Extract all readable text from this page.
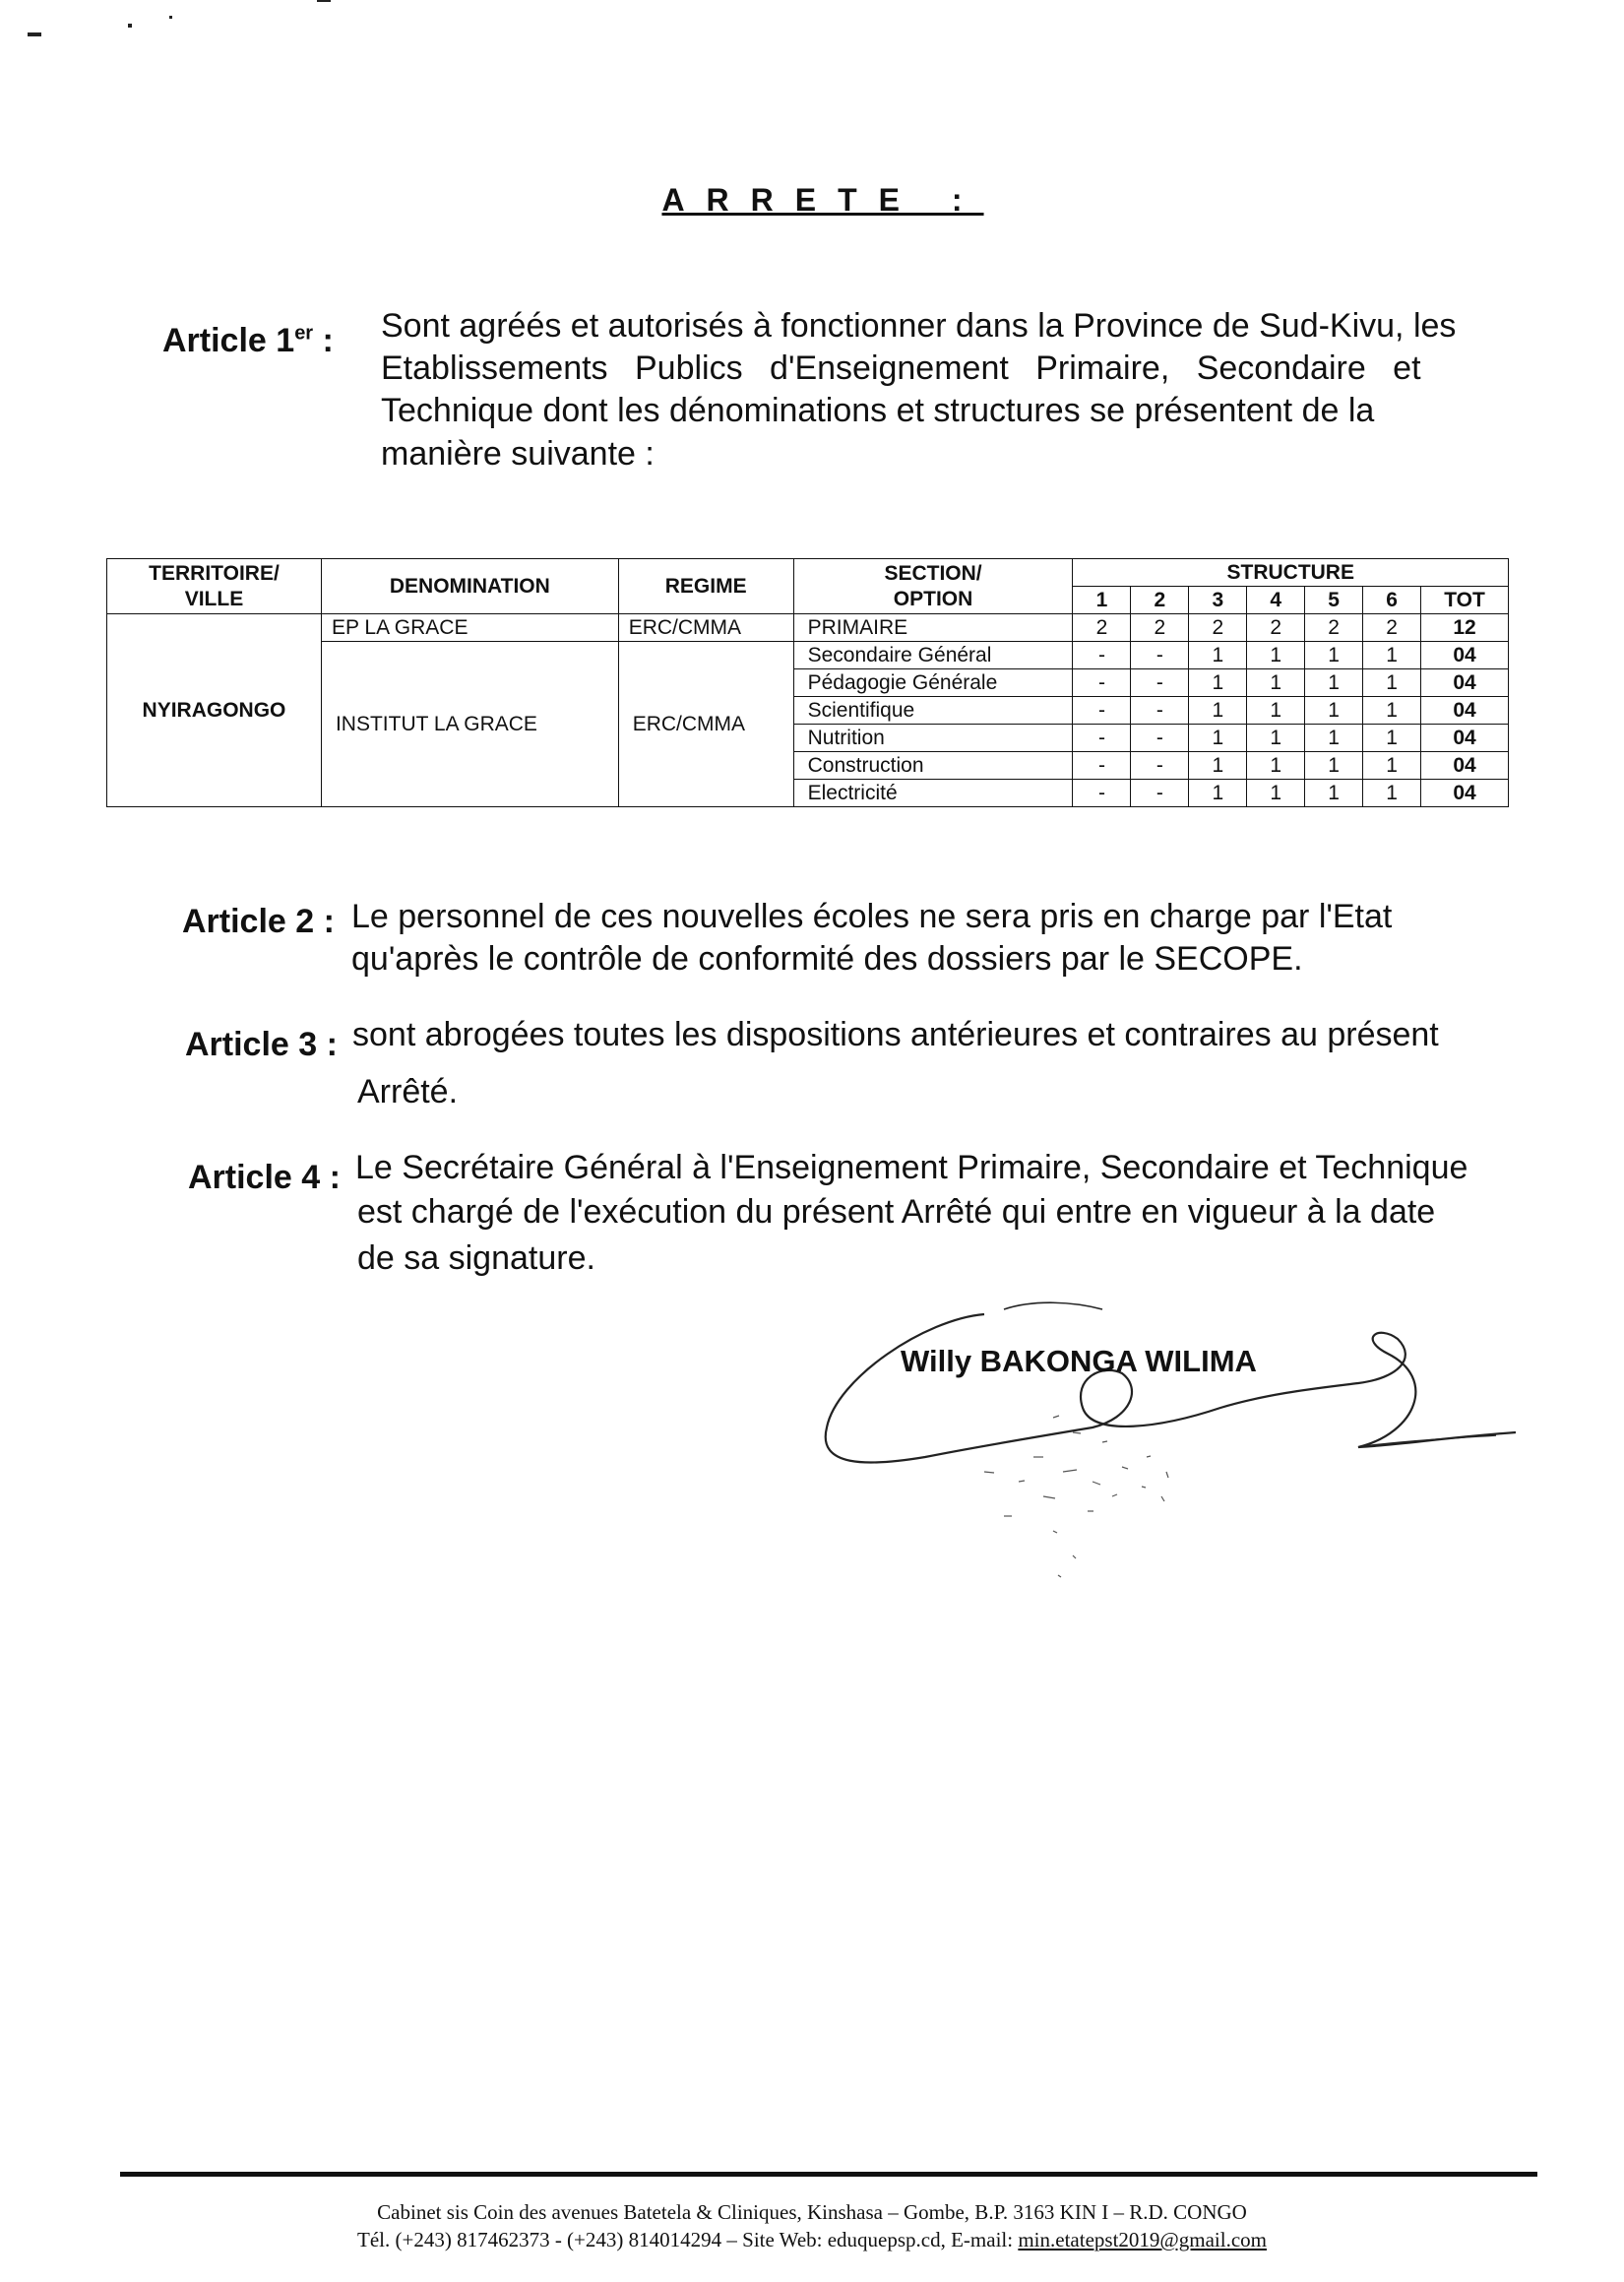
ARRETE :
Article 1er : Sont agréés et autorisés à fonctionner dans la Province de Sud-Kivu, les
Etablissements Publics d'Enseignement Primaire, Secondaire et
Technique dont les dénominations et structures se présentent de la
manière suivante :
TERRITOIRE/ VILLE	DENOMINATION	REGIME	SECTION/ OPTION	STRUCTURE						
				1	2	3	4	5	6	TOT
NYIRAGONGO	EP LA GRACE	ERC/CMMA	PRIMAIRE	2	2	2	2	2	2	12
	INSTITUT LA GRACE	ERC/CMMA	Secondaire Général	-	-	1	1	1	1	04
			Pédagogie Générale	-	-	1	1	1	1	04
			Scientifique	-	-	1	1	1	1	04
			Nutrition	-	-	1	1	1	1	04
			Construction	-	-	1	1	1	1	04
			Electricité	-	-	1	1	1	1	04
Article 2 : Le personnel de ces nouvelles écoles ne sera pris en charge par l'Etat
qu'après le contrôle de conformité des dossiers par le SECOPE.
Article 3 : sont abrogées toutes les dispositions antérieures et contraires au présent
Arrêté.
Article 4 : Le Secrétaire Général à l'Enseignement Primaire, Secondaire et Technique
est chargé de l'exécution du présent Arrêté qui entre en vigueur à la date
de sa signature.
Willy BAKONGA WILIMA
Cabinet sis Coin des avenues Batetela & Cliniques, Kinshasa – Gombe, B.P. 3163 KIN I – R.D. CONGO
Tél. (+243) 817462373 - (+243) 814014294 – Site Web: eduquepsp.cd, E-mail: min.etatepst2019@gmail.com
